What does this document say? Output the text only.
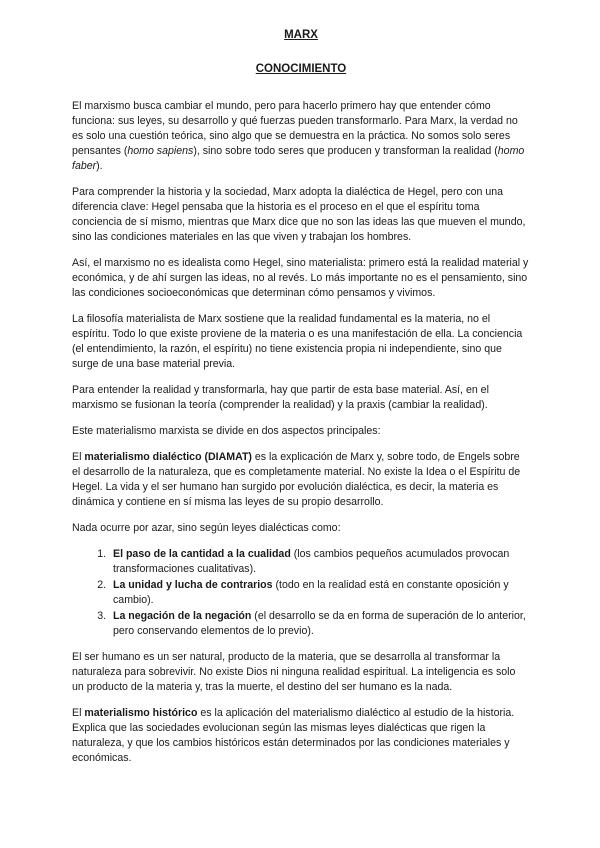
MARX
CONOCIMIENTO

El marxismo busca cambiar el mundo, pero para hacerlo primero hay que entender cómo funciona: sus leyes, su desarrollo y qué fuerzas pueden transformarlo. Para Marx, la verdad no es solo una cuestión teórica, sino algo que se demuestra en la práctica. No somos solo seres pensantes (homo sapiens), sino sobre todo seres que producen y transforman la realidad (homo faber).

Para comprender la historia y la sociedad, Marx adopta la dialéctica de Hegel, pero con una diferencia clave: Hegel pensaba que la historia es el proceso en el que el espíritu toma conciencia de sí mismo, mientras que Marx dice que no son las ideas las que mueven el mundo, sino las condiciones materiales en las que viven y trabajan los hombres.

Así, el marxismo no es idealista como Hegel, sino materialista: primero está la realidad material y económica, y de ahí surgen las ideas, no al revés. Lo más importante no es el pensamiento, sino las condiciones socioeconómicas que determinan cómo pensamos y vivimos.

La filosofía materialista de Marx sostiene que la realidad fundamental es la materia, no el espíritu. Todo lo que existe proviene de la materia o es una manifestación de ella. La conciencia (el entendimiento, la razón, el espíritu) no tiene existencia propia ni independiente, sino que surge de una base material previa.

Para entender la realidad y transformarla, hay que partir de esta base material. Así, en el marxismo se fusionan la teoría (comprender la realidad) y la praxis (cambiar la realidad).

Este materialismo marxista se divide en dos aspectos principales:

El materialismo dialéctico (DIAMAT) es la explicación de Marx y, sobre todo, de Engels sobre el desarrollo de la naturaleza, que es completamente material. No existe la Idea o el Espíritu de Hegel. La vida y el ser humano han surgido por evolución dialéctica, es decir, la materia es dinámica y contiene en sí misma las leyes de su propio desarrollo.

Nada ocurre por azar, sino según leyes dialécticas como:

1. El paso de la cantidad a la cualidad (los cambios pequeños acumulados provocan transformaciones cualitativas).
2. La unidad y lucha de contrarios (todo en la realidad está en constante oposición y cambio).
3. La negación de la negación (el desarrollo se da en forma de superación de lo anterior, pero conservando elementos de lo previo).

El ser humano es un ser natural, producto de la materia, que se desarrolla al transformar la naturaleza para sobrevivir. No existe Dios ni ninguna realidad espiritual. La inteligencia es solo un producto de la materia y, tras la muerte, el destino del ser humano es la nada.

El materialismo histórico es la aplicación del materialismo dialéctico al estudio de la historia. Explica que las sociedades evolucionan según las mismas leyes dialécticas que rigen la naturaleza, y que los cambios históricos están determinados por las condiciones materiales y económicas.
